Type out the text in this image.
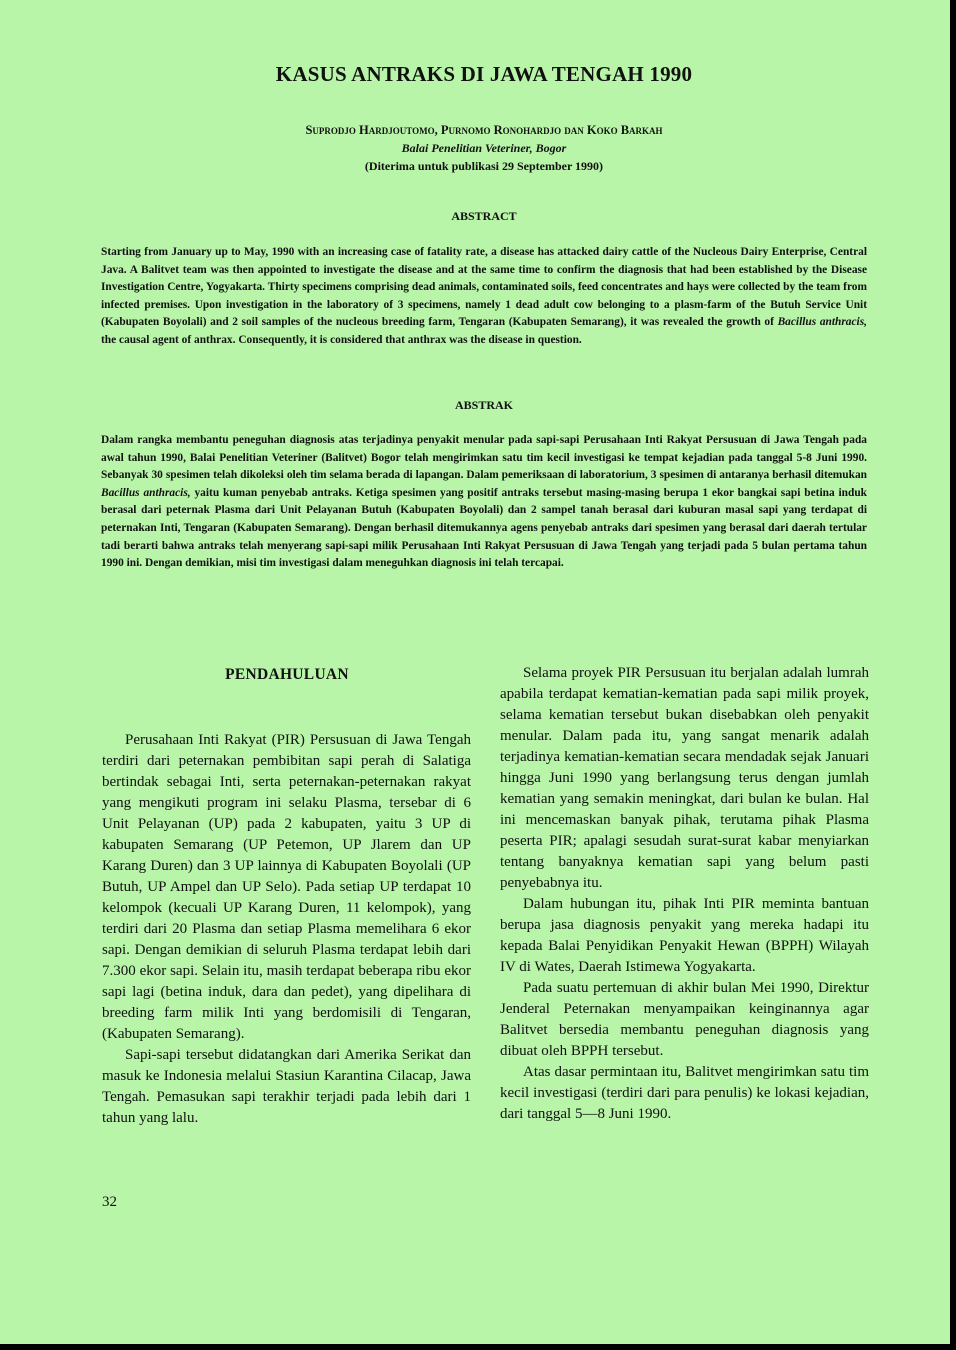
KASUS ANTRAKS DI JAWA TENGAH 1990
Suprodjo Hardjoutomo, Purnomo Ronohardjo dan Koko Barkah
Balai Penelitian Veteriner, Bogor
(Diterima untuk publikasi 29 September 1990)
ABSTRACT

Starting from January up to May, 1990 with an increasing case of fatality rate, a disease has attacked dairy cattle of the Nucleous Dairy Enterprise, Central Java. A Balitvet team was then appointed to investigate the disease and at the same time to confirm the diagnosis that had been established by the Disease Investigation Centre, Yogyakarta. Thirty specimens comprising dead animals, contaminated soils, feed concentrates and hays were collected by the team from infected premises. Upon investigation in the laboratory of 3 specimens, namely 1 dead adult cow belonging to a plasm-farm of the Butuh Service Unit (Kabupaten Boyolali) and 2 soil samples of the nucleous breeding farm, Tengaran (Kabupaten Semarang), it was revealed the growth of Bacillus anthracis, the causal agent of anthrax. Consequently, it is considered that anthrax was the disease in question.

ABSTRAK

Dalam rangka membantu peneguhan diagnosis atas terjadinya penyakit menular pada sapi-sapi Perusahaan Inti Rakyat Persusuan di Jawa Tengah pada awal tahun 1990, Balai Penelitian Veteriner (Balitvet) Bogor telah mengirimkan satu tim kecil investigasi ke tempat kejadian pada tanggal 5-8 Juni 1990. Sebanyak 30 spesimen telah dikoleksi oleh tim selama berada di lapangan. Dalam pemeriksaan di laboratorium, 3 spesimen di antaranya berhasil ditemukan Bacillus anthracis, yaitu kuman penyebab antraks. Ketiga spesimen yang positif antraks tersebut masing-masing berupa 1 ekor bangkai sapi betina induk berasal dari peternak Plasma dari Unit Pelayanan Butuh (Kabupaten Boyolali) dan 2 sampel tanah berasal dari kuburan masal sapi yang terdapat di peternakan Inti, Tengaran (Kabupaten Semarang). Dengan berhasil ditemukannya agens penyebab antraks dari spesimen yang berasal dari daerah tertular tadi berarti bahwa antraks telah menyerang sapi-sapi milik Perusahaan Inti Rakyat Persusuan di Jawa Tengah yang terjadi pada 5 bulan pertama tahun 1990 ini. Dengan demikian, misi tim investigasi dalam meneguhkan diagnosis ini telah tercapai.

PENDAHULUAN

Perusahaan Inti Rakyat (PIR) Persusuan di Jawa Tengah terdiri dari peternakan pembibitan sapi perah di Salatiga bertindak sebagai Inti, serta peternakan-peternakan rakyat yang mengikuti program ini selaku Plasma, tersebar di 6 Unit Pelayanan (UP) pada 2 kabupaten, yaitu 3 UP di kabupaten Semarang (UP Petemon, UP Jlarem dan UP Karang Duren) dan 3 UP lainnya di Kabupaten Boyolali (UP Butuh, UP Ampel dan UP Selo). Pada setiap UP terdapat 10 kelompok (kecuali UP Karang Duren, 11 kelompok), yang terdiri dari 20 Plasma dan setiap Plasma memelihara 6 ekor sapi. Dengan demikian di seluruh Plasma terdapat lebih dari 7.300 ekor sapi. Selain itu, masih terdapat beberapa ribu ekor sapi lagi (betina induk, dara dan pedet), yang dipelihara di breeding farm milik Inti yang berdomisili di Tengaran, (Kabupaten Semarang).

Sapi-sapi tersebut didatangkan dari Amerika Serikat dan masuk ke Indonesia melalui Stasiun Karantina Cilacap, Jawa Tengah. Pemasukan sapi terakhir terjadi pada lebih dari 1 tahun yang lalu.

Selama proyek PIR Persusuan itu berjalan adalah lumrah apabila terdapat kematian-kematian pada sapi milik proyek, selama kematian tersebut bukan disebabkan oleh penyakit menular. Dalam pada itu, yang sangat menarik adalah terjadinya kematian-kematian secara mendadak sejak Januari hingga Juni 1990 yang berlangsung terus dengan jumlah kematian yang semakin meningkat, dari bulan ke bulan. Hal ini mencemaskan banyak pihak, terutama pihak Plasma peserta PIR; apalagi sesudah surat-surat kabar menyiarkan tentang banyaknya kematian sapi yang belum pasti penyebabnya itu.

Dalam hubungan itu, pihak Inti PIR meminta bantuan berupa jasa diagnosis penyakit yang mereka hadapi itu kepada Balai Penyidikan Penyakit Hewan (BPPH) Wilayah IV di Wates, Daerah Istimewa Yogyakarta.

Pada suatu pertemuan di akhir bulan Mei 1990, Direktur Jenderal Peternakan menyampaikan keinginannya agar Balitvet bersedia membantu peneguhan diagnosis yang dibuat oleh BPPH tersebut.

Atas dasar permintaan itu, Balitvet mengirimkan satu tim kecil investigasi (terdiri dari para penulis) ke lokasi kejadian, dari tanggal 5—8 Juni 1990.

32
